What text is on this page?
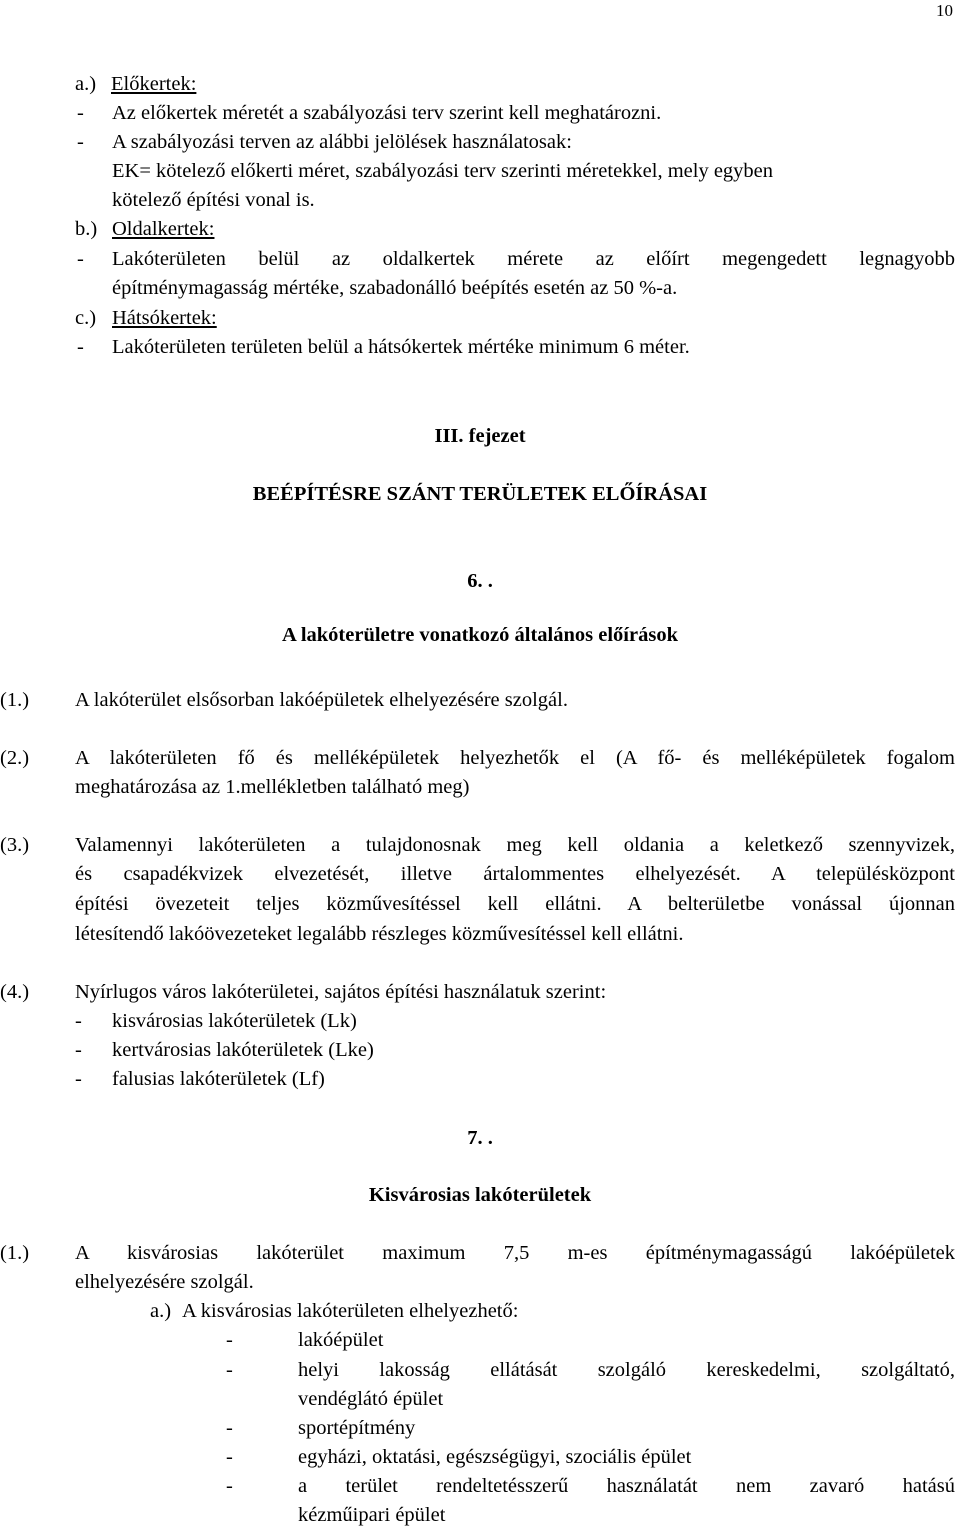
10
a.) Előkertek:
- Az előkertek méretét a szabályozási terv szerint kell meghatározni.
- A szabályozási terven az alábbi jelölések használatosak:
EK= kötelező előkerti méret, szabályozási terv szerinti méretekkel, mely egyben
kötelező építési vonal is.
b.) Oldalkertek:
- Lakóterületen belül az oldalkertek mérete az előírt megengedett legnagyobb
építménymagasság mértéke, szabadonálló beépítés esetén az 50 %-a.
c.) Hátsókertek:
- Lakóterületen területen belül a hátsókertek mértéke minimum 6 méter.
III. fejezet
BEÉPÍTÉSRE SZÁNT TERÜLETEK ELŐÍRÁSAI
6. .
A lakóterületre vonatkozó általános előírások
(1.) A lakóterület elsősorban lakóépületek elhelyezésére szolgál.
(2.) A lakóterületen fő és melléképületek helyezhetők el (A fő- és melléképületek fogalom
meghatározása az 1.mellékletben található meg)
(3.) Valamennyi lakóterületen a tulajdonosnak meg kell oldania a keletkező szennyvizek,
és csapadékvizek elvezetését, illetve ártalommentes elhelyezését. A településközpont
építési övezeteit teljes közművesítéssel kell ellátni. A belterületbe vonással újonnan
létesítendő lakóövezeteket legalább részleges közművesítéssel kell ellátni.
(4.) Nyírlugos város lakóterületei, sajátos építési használatuk szerint:
- kisvárosias lakóterületek (Lk)
- kertvárosias lakóterületek (Lke)
- falusias lakóterületek (Lf)
7. .
Kisvárosias lakóterületek
(1.) A kisvárosias lakóterület maximum 7,5 m-es építménymagasságú lakóépületek
elhelyezésére szolgál.
a.) A kisvárosias lakóterületen elhelyezhető:
-	lakóépület
-	helyi lakosság ellátását szolgáló kereskedelmi, szolgáltató,
vendéglátó épület
-	sportépítmény
-	egyházi, oktatási, egészségügyi, szociális épület
-	a terület rendeltetésszerű használatát nem zavaró hatású
kézműipari épület
